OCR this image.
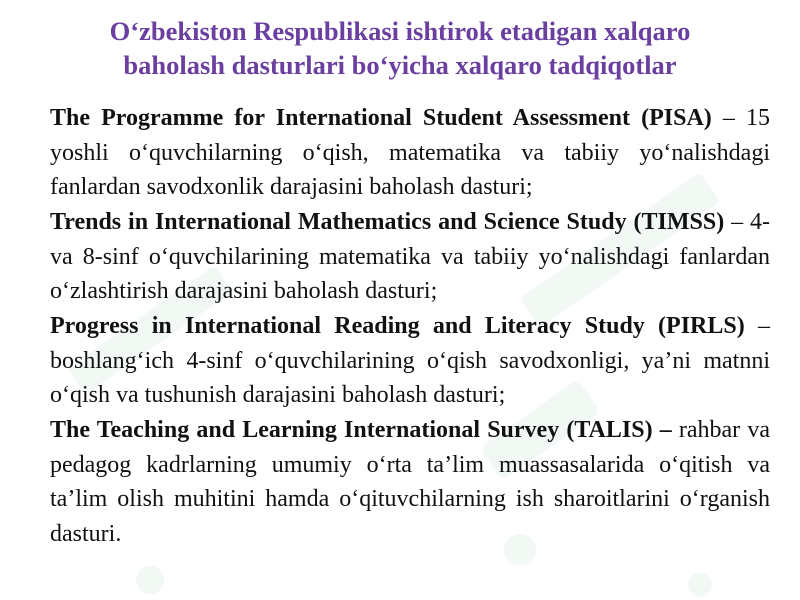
O‘zbekiston Respublikasi ishtirok etadigan xalqaro
baholash dasturlari bo‘yicha xalqaro tadqiqotlar

The Programme for International Student Assessment (PISA) – 15 yoshli o‘quvchilarning o‘qish, matematika va tabiiy yo‘nalishdagi fanlardan savodxonlik darajasini baholash dasturi;

Trends in International Mathematics and Science Study (TIMSS) – 4- va 8-sinf o‘quvchilarining matematika va tabiiy yo‘nalishdagi fanlardan o‘zlashtirish darajasini baholash dasturi;

Progress in International Reading and Literacy Study (PIRLS) – boshlang‘ich 4-sinf o‘quvchilarining o‘qish savodxonligi, ya’ni matnni o‘qish va tushunish darajasini baholash dasturi;

The Teaching and Learning International Survey (TALIS) – rahbar va pedagog kadrlarning umumiy o‘rta ta’lim muassasalarida o‘qitish va ta’lim olish muhitini hamda o‘qituvchilarning ish sharoitlarini o‘rganish dasturi.
